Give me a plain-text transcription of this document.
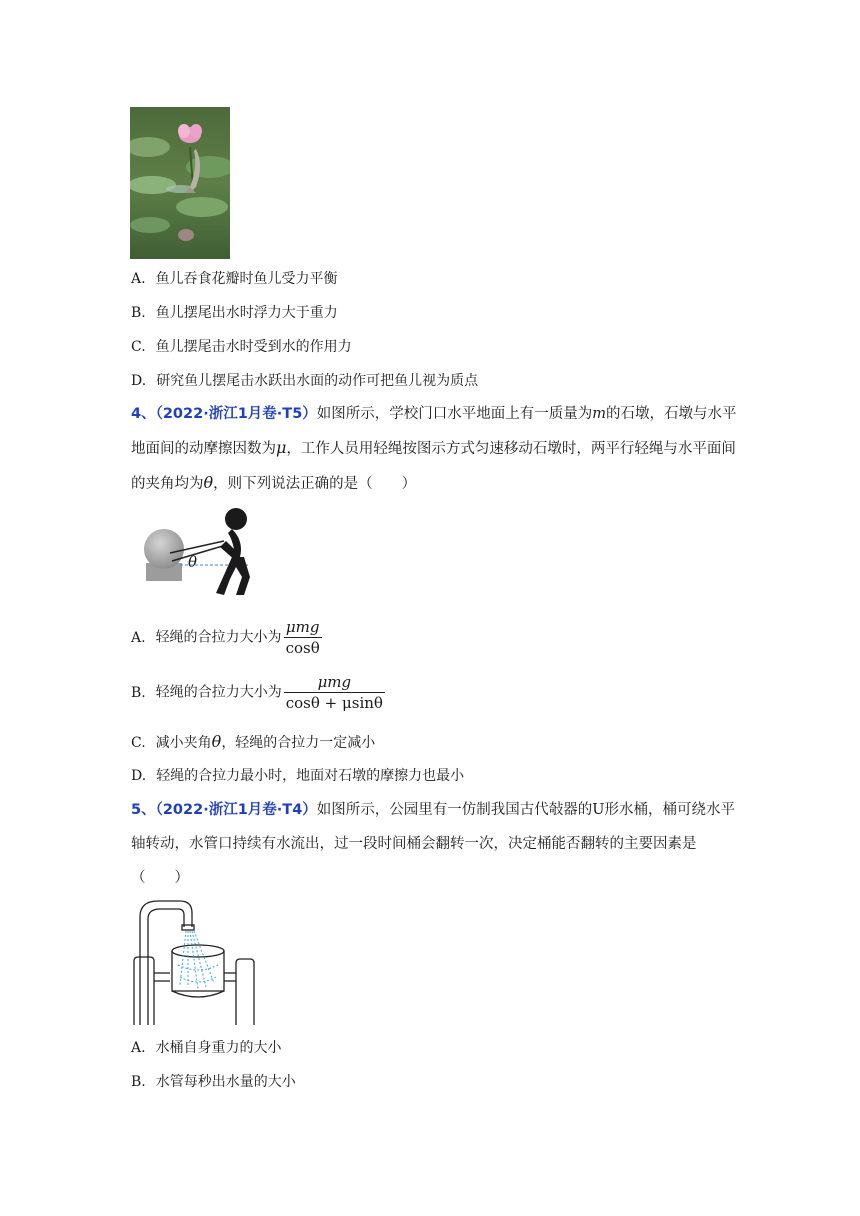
A. 鱼儿吞食花瓣时鱼儿受力平衡
B. 鱼儿摆尾出水时浮力大于重力
C. 鱼儿摆尾击水时受到水的作用力
D. 研究鱼儿摆尾击水跃出水面的动作可把鱼儿视为质点
4、（2022·浙江1月卷·T5）如图所示，学校门口水平地面上有一质量为m的石墩，石墩与水平地面间的动摩擦因数为μ，工作人员用轻绳按图示方式匀速移动石墩时，两平行轻绳与水平面间的夹角均为θ，则下列说法正确的是（　　）
θ
A. 轻绳的合拉力大小为 $\frac{\text{μmg}}{\cos\theta}$
B. 轻绳的合拉力大小为 $\frac{\text{μmg}}{\cos\theta + \mu\sin\theta}$
C. 减小夹角θ，轻绳的合拉力一定减小
D. 轻绳的合拉力最小时，地面对石墩的摩擦力也最小
5、（2022·浙江1月卷·T4）如图所示，公园里有一仿制我国古代敧器的U形水桶，桶可绕水平轴转动，水管口持续有水流出，过一段时间桶会翻转一次，决定桶能否翻转的主要因素是（　　）
A. 水桶自身重力的大小
B. 水管每秒出水量的大小
